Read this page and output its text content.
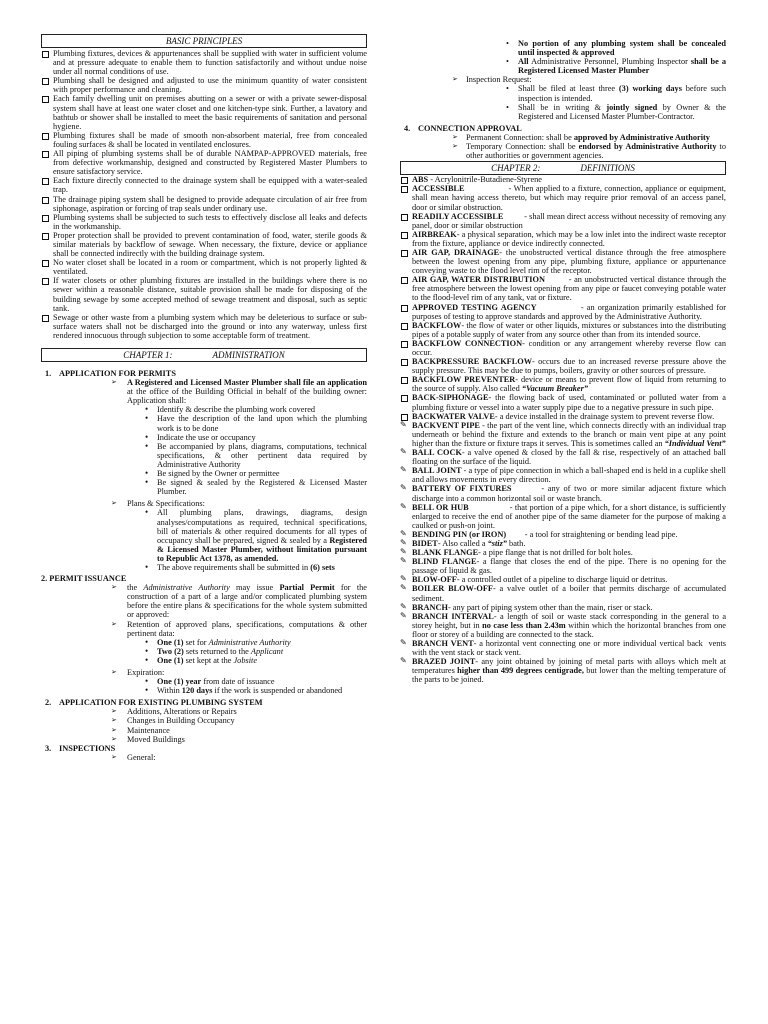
BASIC PRINCIPLES
Plumbing fixtures, devices & appurtenances shall be supplied with water in sufficient volume and at pressure adequate to enable them to function satisfactorily and without undue noise under all normal conditions of use.
Plumbing shall be designed and adjusted to use the minimum quantity of water consistent with proper performance and cleaning.
Each family dwelling unit on premises abutting on a sewer or with a private sewer-disposal system shall have at least one water closet and one kitchen-type sink. Further, a lavatory and bathtub or shower shall be installed to meet the basic requirements of sanitation and personal hygiene.
Plumbing fixtures shall be made of smooth non-absorbent material, free from concealed fouling surfaces & shall be located in ventilated enclosures.
All piping of plumbing systems shall be of durable NAMPAP-APPROVED materials, free from defective workmanship, designed and constructed by Registered Master Plumbers to ensure satisfactory service.
Each fixture directly connected to the drainage system shall be equipped with a water-sealed trap.
The drainage piping system shall be designed to provide adequate circulation of air free from siphonage, aspiration or forcing of trap seals under ordinary use.
Plumbing systems shall be subjected to such tests to effectively disclose all leaks and defects in the workmanship.
Proper protection shall be provided to prevent contamination of food, water, sterile goods & similar materials by backflow of sewage. When necessary, the fixture, device or appliance shall be connected indirectly with the building drainage system.
No water closet shall be located in a room or compartment, which is not properly lighted & ventilated.
If water closets or other plumbing fixtures are installed in the buildings where there is no sewer within a reasonable distance, suitable provision shall be made for disposing of the building sewage by some accepted method of sewage treatment and disposal, such as septic tank.
Sewage or other waste from a plumbing system which may be deleterious to surface or sub-surface waters shall not be discharged into the ground or into any waterway, unless first rendered innocuous through subjection to some acceptable form of treatment.
CHAPTER 1:	ADMINISTRATION
1. APPLICATION FOR PERMITS
➢ A Registered and Licensed Master Plumber shall file an application at the office of the Building Official in behalf of the building owner: Application shall:
• Identify & describe the plumbing work covered
• Have the description of the land upon which the plumbing work is to be done
• Indicate the use or occupancy
• Be accompanied by plans, diagrams, computations, technical specifications, & other pertinent data required by Administrative Authority
• Be signed by the Owner or permittee
• Be signed & sealed by the Registered & Licensed Master Plumber.
➢ Plans & Specifications:
• All plumbing plans, drawings, diagrams, design analyses/computations as required, technical specifications, bill of materials & other required documents for all types of occupancy shall be prepared, signed & sealed by a Registered & Licensed Master Plumber, without limitation pursuant to Republic Act 1378, as amended.
• The above requirements shall be submitted in (6) sets
2. PERMIT ISSUANCE
➢ the Administrative Authority may issue Partial Permit for the construction of a part of a large and/or complicated plumbing system before the entire plans & specifications for the whole system submitted or approved:
➢ Retention of approved plans, specifications, computations & other pertinent data:
• One (1) set for Administrative Authority
• Two (2) sets returned to the Applicant
• One (1) set kept at the Jobsite
➢ Expiration:
• One (1) year from date of issuance
• Within 120 days if the work is suspended or abandoned
2. APPLICATION FOR EXISTING PLUMBING SYSTEM
➢ Additions, Alterations or Repairs
➢ Changes in Building Occupancy
➢ Maintenance
➢ Moved Buildings
3. INSPECTIONS
➢ General:
• No portion of any plumbing system shall be concealed until inspected & approved
• All Administrative Personnel, Plumbing Inspector shall be a Registered Licensed Master Plumber
➢ Inspection Request:
• Shall be filed at least three (3) working days before such inspection is intended.
• Shall be in writing & jointly signed by Owner & the Registered and Licensed Master Plumber-Contractor.
4. CONNECTION APPROVAL
➢ Permanent Connection: shall be approved by Administrative Authority
➢ Temporary Connection: shall be endorsed by Administrative Authority to other authorities or government agencies.
CHAPTER 2:	DEFINITIONS
ABS - Acrylonitrile-Butadiene-Styrene
ACCESSIBLE                  - When applied to a fixture, connection, appliance or equipment, shall mean having access thereto, but which may require prior removal of an access panel, door or similar obstruction.
READILY ACCESSIBLE          - shall mean direct access without necessity of removing any panel, door or similar obstruction
AIRBREAK- a physical separation, which may be a low inlet into the indirect waste receptor from the fixture, appliance or device indirectly connected.
AIR GAP, DRAINAGE- the unobstructed vertical distance through the free atmosphere between the lowest opening from any pipe, plumbing fixture, appliance or appurtenance conveying waste to the flood level rim of the receptor.
AIR GAP, WATER DISTRIBUTION         - an unobstructed vertical distance through the free atmosphere between the lowest opening from any pipe or faucet conveying potable water to the flood-level rim of any tank, vat or fixture.
APPROVED TESTING AGENCY              - an organization primarily established for purposes of testing to approve standards and approved by the Administrative Authority.
BACKFLOW- the flow of water or other liquids, mixtures or substances into the distributing pipes of a potable supply of water from any source other than from its intended source.
BACKFLOW CONNECTION- condition or any arrangement whereby reverse flow can occur.
BACKPRESSURE BACKFLOW- occurs due to an increased reverse pressure above the supply pressure. This may be due to pumps, boilers, gravity or other sources of pressure.
BACKFLOW PREVENTER- device or means to prevent flow of liquid from returning to the source of supply. Also called “Vacuum Breaker”
BACK-SIPHONAGE- the flowing back of used, contaminated or polluted water from a plumbing fixture or vessel into a water supply pipe due to a negative pressure in such pipe.
BACKWATER VALVE- a device installed in the drainage system to prevent reverse flow.
✎ BACKVENT PIPE - the part of the vent line, which connects directly with an individual trap underneath or behind the fixture and extends to the branch or main vent pipe at any point higher than the fixture or fixture traps it serves. This is sometimes called an “Individual Vent”
✎ BALL COCK- a valve opened & closed by the fall & rise, respectively of an attached ball floating on the surface of the liquid.
✎ BALL JOINT - a type of pipe connection in which a ball-shaped end is held in a cuplike shell and allows movements in every direction.
✎ BATTERY OF FIXTURES        - any of two or more similar adjacent fixture which discharge into a common horizontal soil or waste branch.
✎ BELL OR HUB                  - that portion of a pipe which, for a short distance, is sufficiently enlarged to receive the end of another pipe of the same diameter for the purpose of making a caulked or push-on joint.
✎ BENDING PIN (or IRON)         - a tool for straightening or bending lead pipe.
✎ BIDET- Also called a “stiz” bath.
✎ BLANK FLANGE- a pipe flange that is not drilled for bolt holes.
✎ BLIND FLANGE- a flange that closes the end of the pipe. There is no opening for the passage of liquid & gas.
✎ BLOW-OFF- a controlled outlet of a pipeline to discharge liquid or detritus.
✎ BOILER BLOW-OFF- a valve outlet of a boiler that permits discharge of accumulated sediment.
✎ BRANCH- any part of piping system other than the main, riser or stack.
✎ BRANCH INTERVAL- a length of soil or waste stack corresponding in the general to a storey height, but in no case less than 2.43m within which the horizontal branches from one floor or storey of a building are connected to the stack.
✎ BRANCH VENT- a horizontal vent connecting one or more individual vertical back  vents with the vent stack or stack vent.
✎ BRAZED JOINT- any joint obtained by joining of metal parts with alloys which melt at temperatures higher than 499 degrees centigrade, but lower than the melting temperature of the parts to be joined.
